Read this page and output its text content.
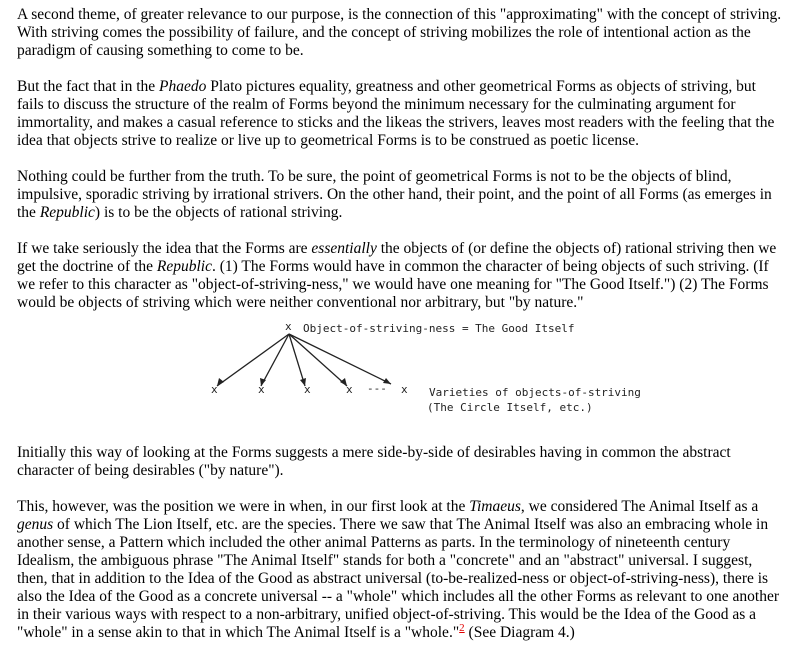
A second theme, of greater relevance to our purpose, is the connection of this "approximating" with the concept of striving. With striving comes the possibility of failure, and the concept of striving mobilizes the role of intentional action as the paradigm of causing something to come to be.

But the fact that in the Phaedo Plato pictures equality, greatness and other geometrical Forms as objects of striving, but fails to discuss the structure of the realm of Forms beyond the minimum necessary for the culminating argument for immortality, and makes a casual reference to sticks and the likeas the strivers, leaves most readers with the feeling that the idea that objects strive to realize or live up to geometrical Forms is to be construed as poetic license.

Nothing could be further from the truth. To be sure, the point of geometrical Forms is not to be the objects of blind, impulsive, sporadic striving by irrational strivers. On the other hand, their point, and the point of all Forms (as emerges in the Republic) is to be the objects of rational striving.

If we take seriously the idea that the Forms are essentially the objects of (or define the objects of) rational striving then we get the doctrine of the Republic. (1) The Forms would have in common the character of being objects of such striving. (If we refer to this character as "object-of-striving-ness," we would have one meaning for "The Good Itself.") (2) The Forms would be objects of striving which were neither conventional nor arbitrary, but "by nature."

x Object-of-striving-ness = The Good Itself
x	x	x	x --- x Varieties of objects-of-striving
(The Circle Itself, etc.)

Initially this way of looking at the Forms suggests a mere side-by-side of desirables having in common the abstract character of being desirables ("by nature").

This, however, was the position we were in when, in our first look at the Timaeus, we considered The Animal Itself as a genus of which The Lion Itself, etc. are the species. There we saw that The Animal Itself was also an embracing whole in another sense, a Pattern which included the other animal Patterns as parts. In the terminology of nineteenth century Idealism, the ambiguous phrase "The Animal Itself" stands for both a "concrete" and an "abstract" universal. I suggest, then, that in addition to the Idea of the Good as abstract universal (to-be-realized-ness or object-of-striving-ness), there is also the Idea of the Good as a concrete universal -- a "whole" which includes all the other Forms as relevant to one another in their various ways with respect to a non-arbitrary, unified object-of-striving. This would be the Idea of the Good as a "whole" in a sense akin to that in which The Animal Itself is a "whole."$^2$ (See Diagram 4.)
